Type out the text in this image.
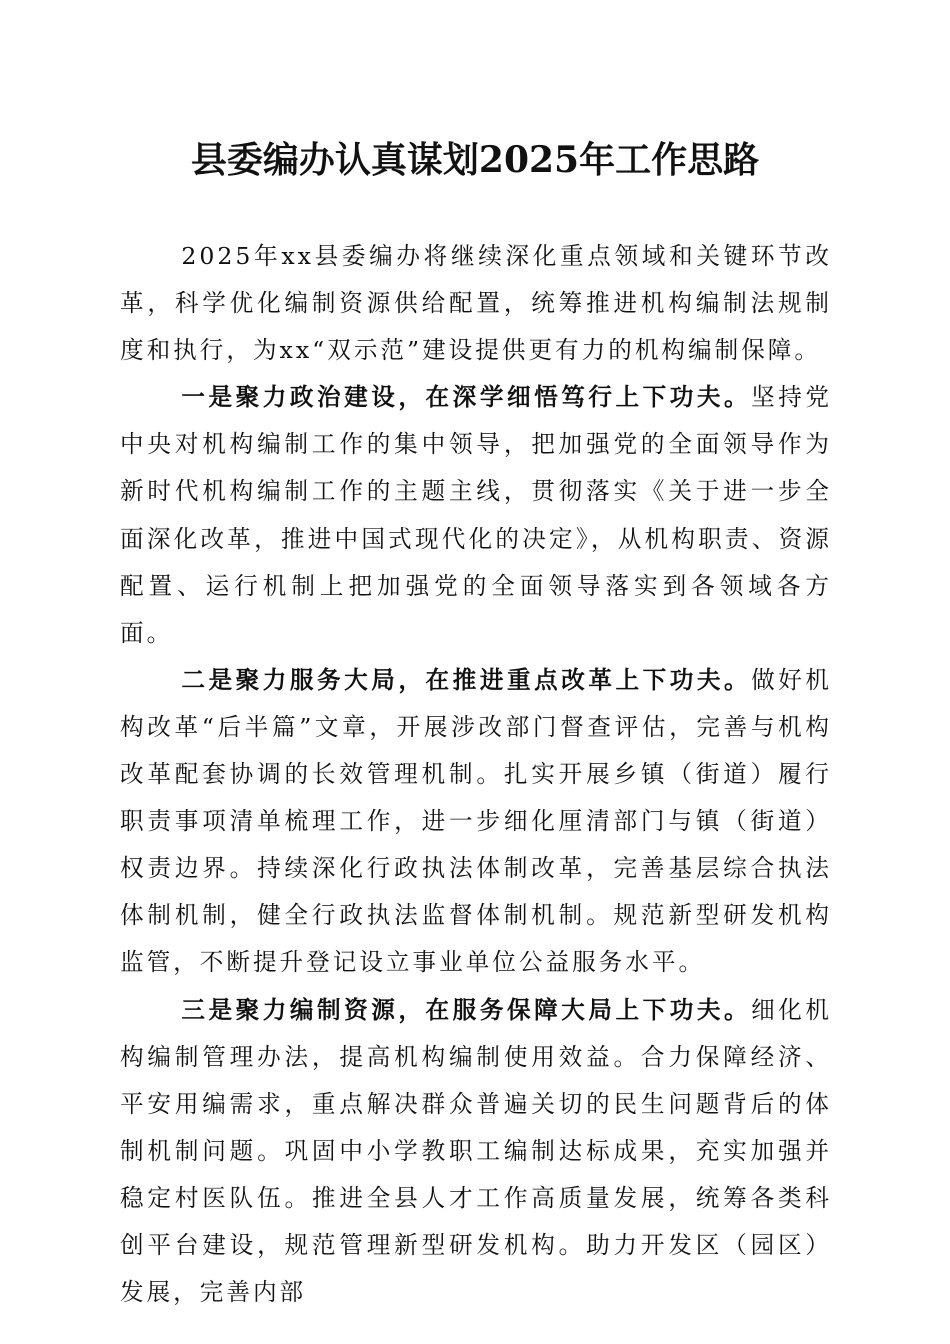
县委编办认真谋划2025年工作思路

2025年xx县委编办将继续深化重点领域和关键环节改革，科学优化编制资源供给配置，统筹推进机构编制法规制度和执行，为xx“双示范”建设提供更有力的机构编制保障。

一是聚力政治建设，在深学细悟笃行上下功夫。坚持党中央对机构编制工作的集中领导，把加强党的全面领导作为新时代机构编制工作的主题主线，贯彻落实《关于进一步全面深化改革，推进中国式现代化的决定》，从机构职责、资源配置、运行机制上把加强党的全面领导落实到各领域各方面。

二是聚力服务大局，在推进重点改革上下功夫。做好机构改革“后半篇”文章，开展涉改部门督查评估，完善与机构改革配套协调的长效管理机制。扎实开展乡镇（街道）履行职责事项清单梳理工作，进一步细化厘清部门与镇（街道）权责边界。持续深化行政执法体制改革，完善基层综合执法体制机制，健全行政执法监督体制机制。规范新型研发机构监管，不断提升登记设立事业单位公益服务水平。

三是聚力编制资源，在服务保障大局上下功夫。细化机构编制管理办法，提高机构编制使用效益。合力保障经济、平安用编需求，重点解决群众普遍关切的民生问题背后的体制机制问题。巩固中小学教职工编制达标成果，充实加强并稳定村医队伍。推进全县人才工作高质量发展，统筹各类科创平台建设，规范管理新型研发机构。助力开发区（园区）发展，完善内部
